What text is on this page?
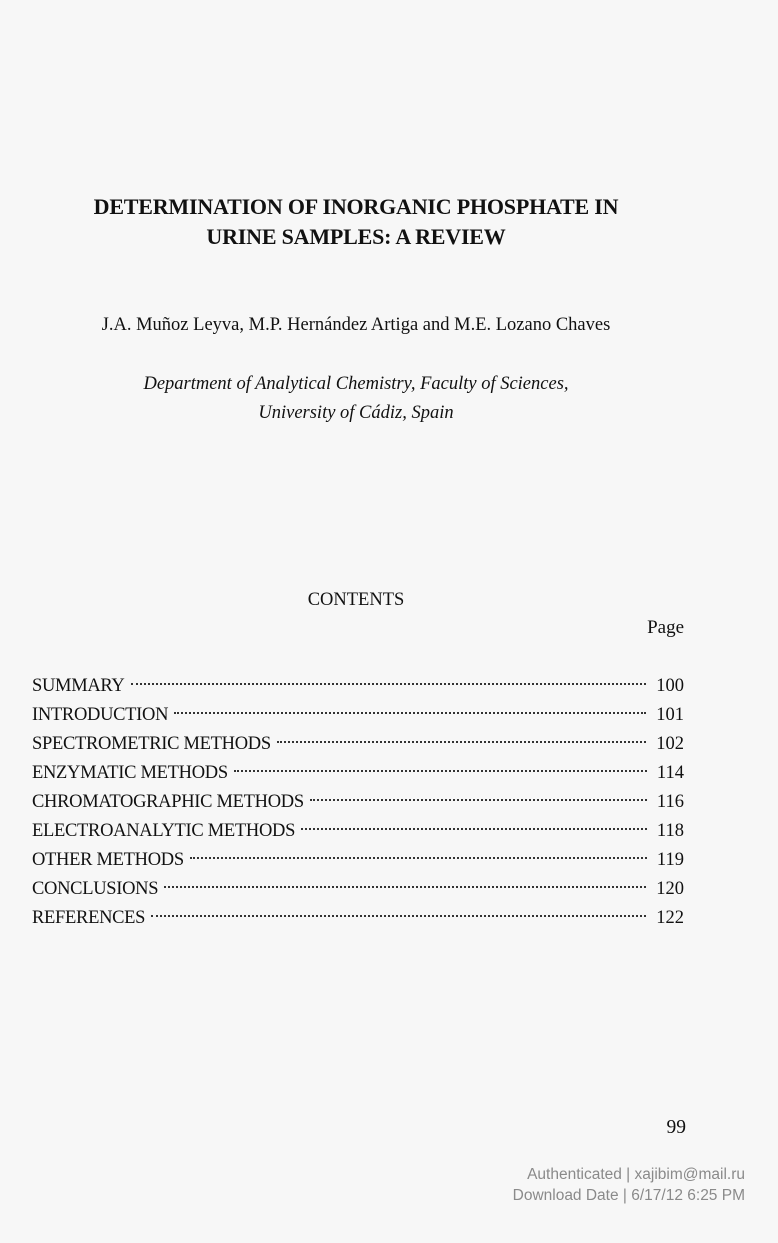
DETERMINATION OF INORGANIC PHOSPHATE IN
URINE SAMPLES: A REVIEW
J.A. Muñoz Leyva, M.P. Hernández Artiga and M.E. Lozano Chaves
Department of Analytical Chemistry, Faculty of Sciences,
University of Cádiz, Spain
CONTENTS
Page
SUMMARY	100
INTRODUCTION	101
SPECTROMETRIC METHODS	102
ENZYMATIC METHODS	114
CHROMATOGRAPHIC METHODS	116
ELECTROANALYTIC METHODS	118
OTHER METHODS	119
CONCLUSIONS	120
REFERENCES	122
99
Authenticated | xajibim@mail.ru
Download Date | 6/17/12 6:25 PM
